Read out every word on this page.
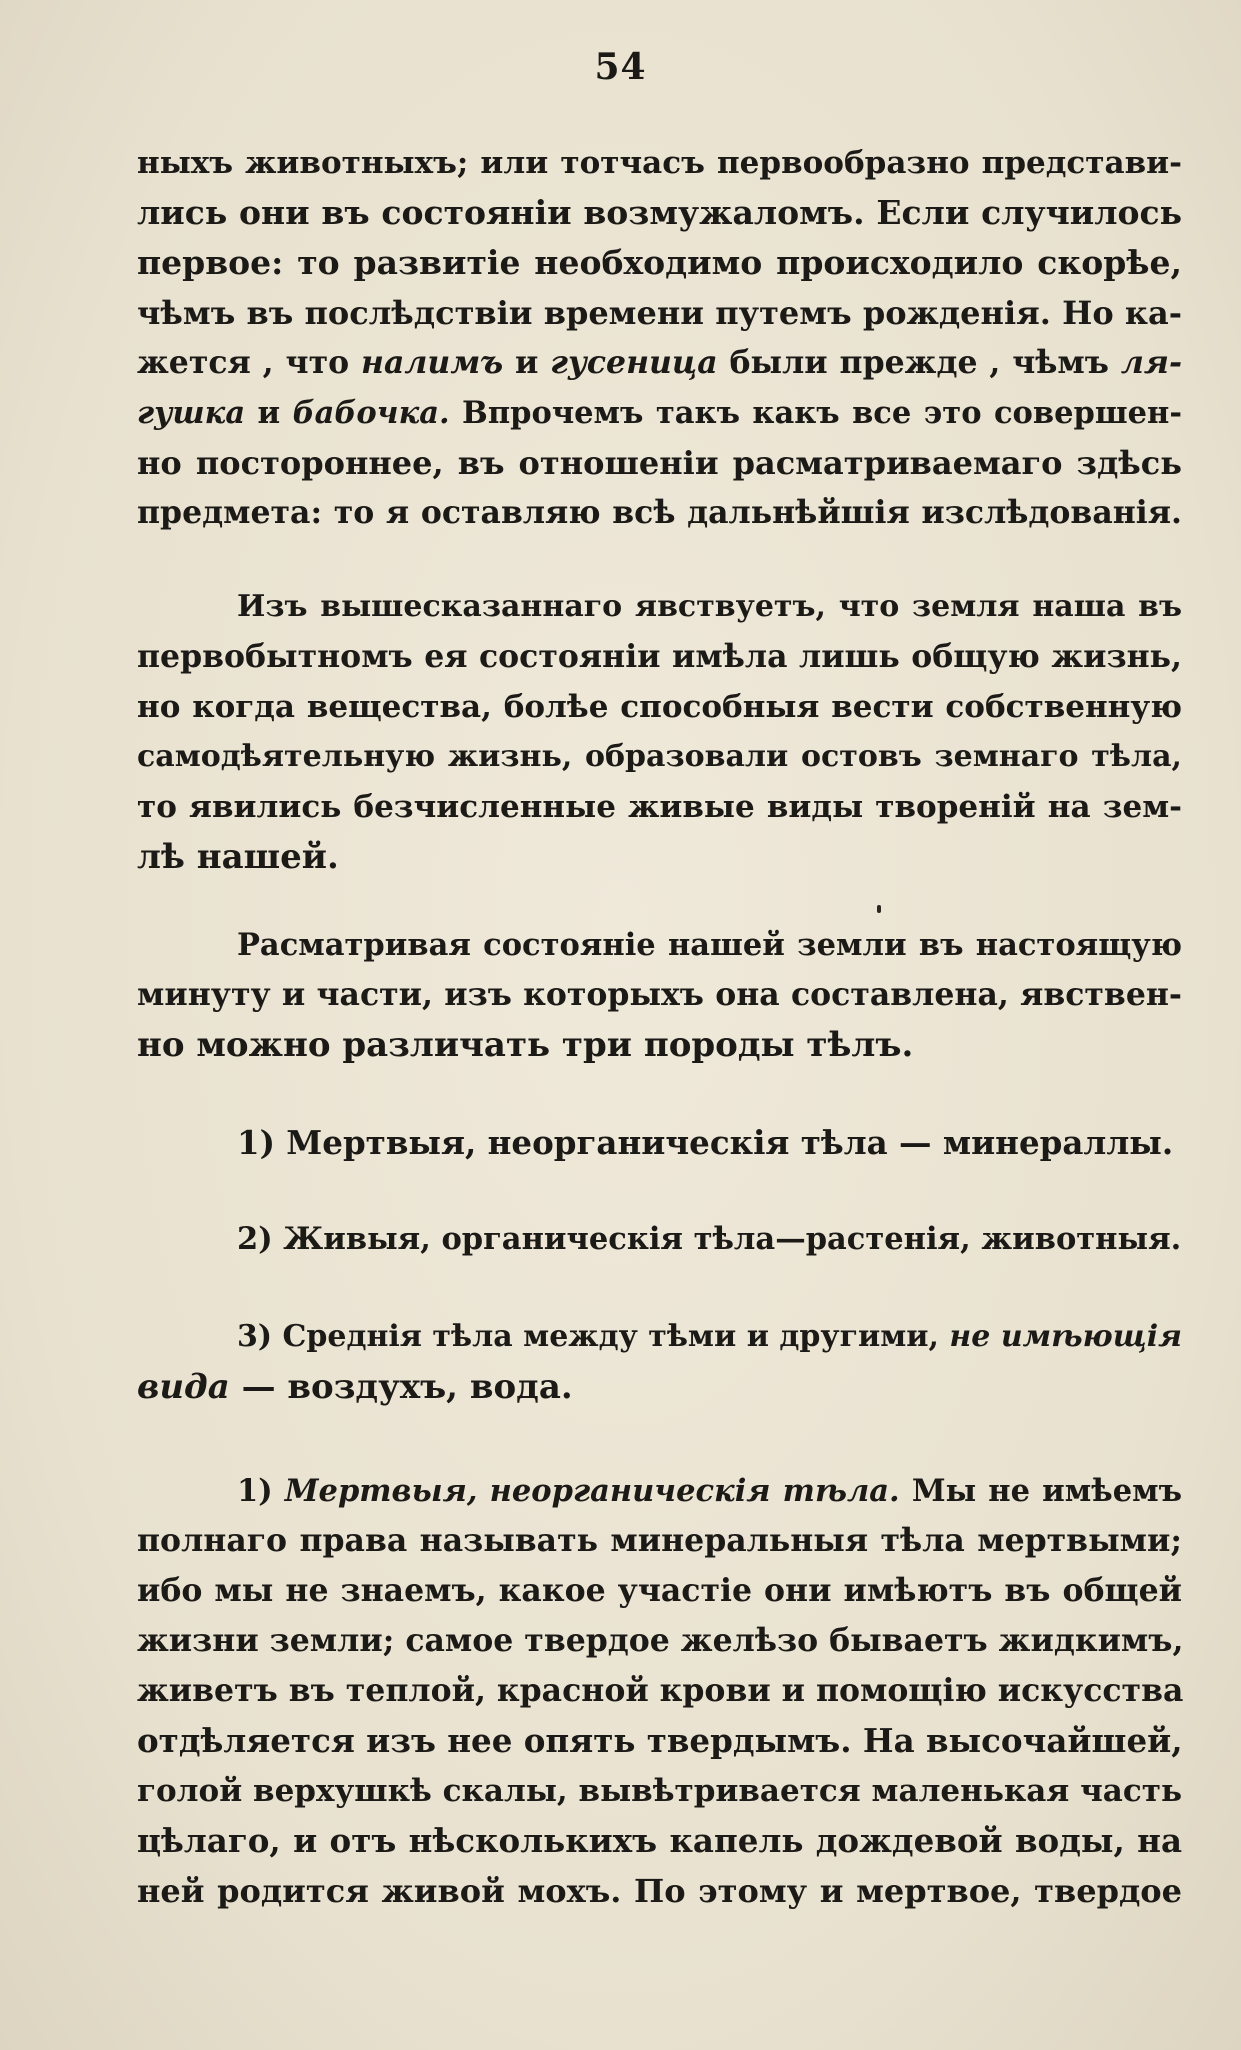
54
ныхъ животныхъ; или тотчасъ первообразно представи-
лись они въ состояніи возмужаломъ. Если случилось
первое: то развитіе необходимо происходило скорѣе,
чѣмъ въ послѣдствіи времени путемъ рожденія. Но ка-
жется , что налимъ и гусеница были прежде , чѣмъ ля-
гушка и бабочка. Впрочемъ такъ какъ все это совершен-
но постороннее, въ отношеніи расматриваемаго здѣсь
предмета: то я оставляю всѣ дальнѣйшія изслѣдованія.
Изъ вышесказаннаго явствуетъ, что земля наша въ
первобытномъ ея состояніи имѣла лишь общую жизнь,
но когда вещества, болѣе способныя вести собственную
самодѣятельную жизнь, образовали остовъ земнаго тѣла,
то явились безчисленные живые виды твореній на зем-
лѣ нашей.
Расматривая состояніе нашей земли въ настоящую
минуту и части, изъ которыхъ она составлена, явствен-
но можно различать три породы тѣлъ.
1) Мертвыя, неорганическія тѣла — минераллы.
2) Живыя, органическія тѣла—растенія, животныя.
3) Среднія тѣла между тѣми и другими, не имѣющія
вида — воздухъ, вода.
1) Мертвыя, неорганическія тѣла. Мы не имѣемъ
полнаго права называть минеральныя тѣла мертвыми;
ибо мы не знаемъ, какое участіе они имѣютъ въ общей
жизни земли; самое твердое желѣзо бываетъ жидкимъ,
живетъ въ теплой, красной крови и помощію искусства
отдѣляется изъ нее опять твердымъ. На высочайшей,
голой верхушкѣ скалы, вывѣтривается маленькая часть
цѣлаго, и отъ нѣсколькихъ капель дождевой воды, на
ней родится живой мохъ. По этому и мертвое, твердое
